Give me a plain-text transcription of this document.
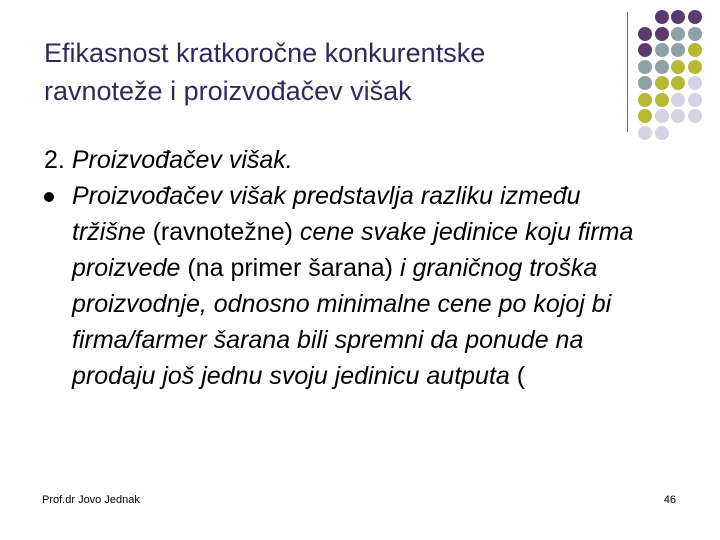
Efikasnost kratkoročne konkurentske
ravnoteže i proizvođačev višak
2. Proizvođačev višak.
Proizvođačev višak predstavlja razliku između tržišne (ravnotežne) cene svake jedinice koju firma proizvede (na primer šarana) i graničnog troška proizvodnje, odnosno minimalne cene po kojoj bi firma/farmer šarana bili spremni da ponude na prodaju još jednu svoju jedinicu autputa (
Prof.dr Jovo Jednak	46
